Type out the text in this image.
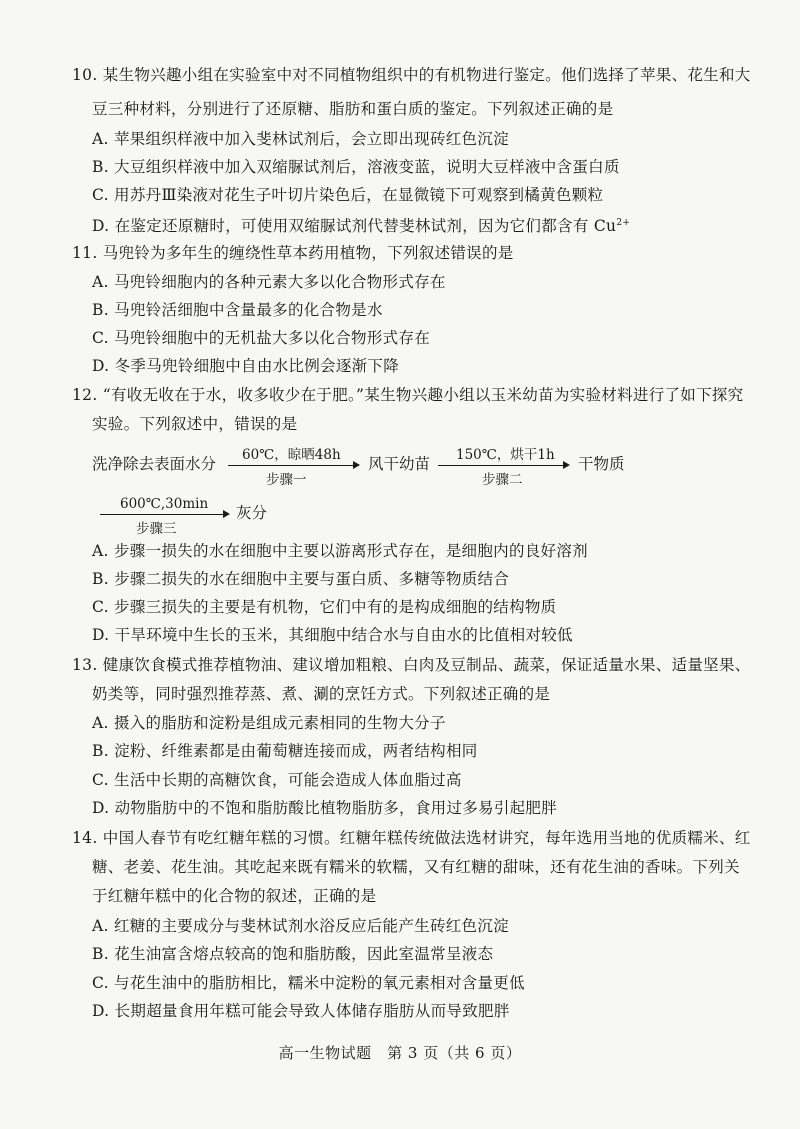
10. 某生物兴趣小组在实验室中对不同植物组织中的有机物进行鉴定。他们选择了苹果、花生和大
豆三种材料，分别进行了还原糖、脂肪和蛋白质的鉴定。下列叙述正确的是
A. 苹果组织样液中加入斐林试剂后，会立即出现砖红色沉淀
B. 大豆组织样液中加入双缩脲试剂后，溶液变蓝，说明大豆样液中含蛋白质
C. 用苏丹Ⅲ染液对花生子叶切片染色后，在显微镜下可观察到橘黄色颗粒
D. 在鉴定还原糖时，可使用双缩脲试剂代替斐林试剂，因为它们都含有 $Cu^{2+}$
11. 马兜铃为多年生的缠绕性草本药用植物，下列叙述错误的是
A. 马兜铃细胞内的各种元素大多以化合物形式存在
B. 马兜铃活细胞中含量最多的化合物是水
C. 马兜铃细胞中的无机盐大多以化合物形式存在
D. 冬季马兜铃细胞中自由水比例会逐渐下降
12. “有收无收在于水，收多收少在于肥。”某生物兴趣小组以玉米幼苗为实验材料进行了如下探究
实验。下列叙述中，错误的是
洗净除去表面水分 60℃，晾晒48h
步骤一
风干幼苗 150℃，烘干1h
步骤二
干物质
600℃,30min
步骤三
灰分
A. 步骤一损失的水在细胞中主要以游离形式存在，是细胞内的良好溶剂
B. 步骤二损失的水在细胞中主要与蛋白质、多糖等物质结合
C. 步骤三损失的主要是有机物，它们中有的是构成细胞的结构物质
D. 干旱环境中生长的玉米，其细胞中结合水与自由水的比值相对较低
13. 健康饮食模式推荐植物油、建议增加粗粮、白肉及豆制品、蔬菜，保证适量水果、适量坚果、
奶类等，同时强烈推荐蒸、煮、涮的烹饪方式。下列叙述正确的是
A. 摄入的脂肪和淀粉是组成元素相同的生物大分子
B. 淀粉、纤维素都是由葡萄糖连接而成，两者结构相同
C. 生活中长期的高糖饮食，可能会造成人体血脂过高
D. 动物脂肪中的不饱和脂肪酸比植物脂肪多，食用过多易引起肥胖
14. 中国人春节有吃红糖年糕的习惯。红糖年糕传统做法选材讲究，每年选用当地的优质糯米、红
糖、老姜、花生油。其吃起来既有糯米的软糯，又有红糖的甜味，还有花生油的香味。下列关
于红糖年糕中的化合物的叙述，正确的是
A. 红糖的主要成分与斐林试剂水浴反应后能产生砖红色沉淀
B. 花生油富含熔点较高的饱和脂肪酸，因此室温常呈液态
C. 与花生油中的脂肪相比，糯米中淀粉的氧元素相对含量更低
D. 长期超量食用年糕可能会导致人体储存脂肪从而导致肥胖
高一生物试题　第 3 页（共 6 页）
